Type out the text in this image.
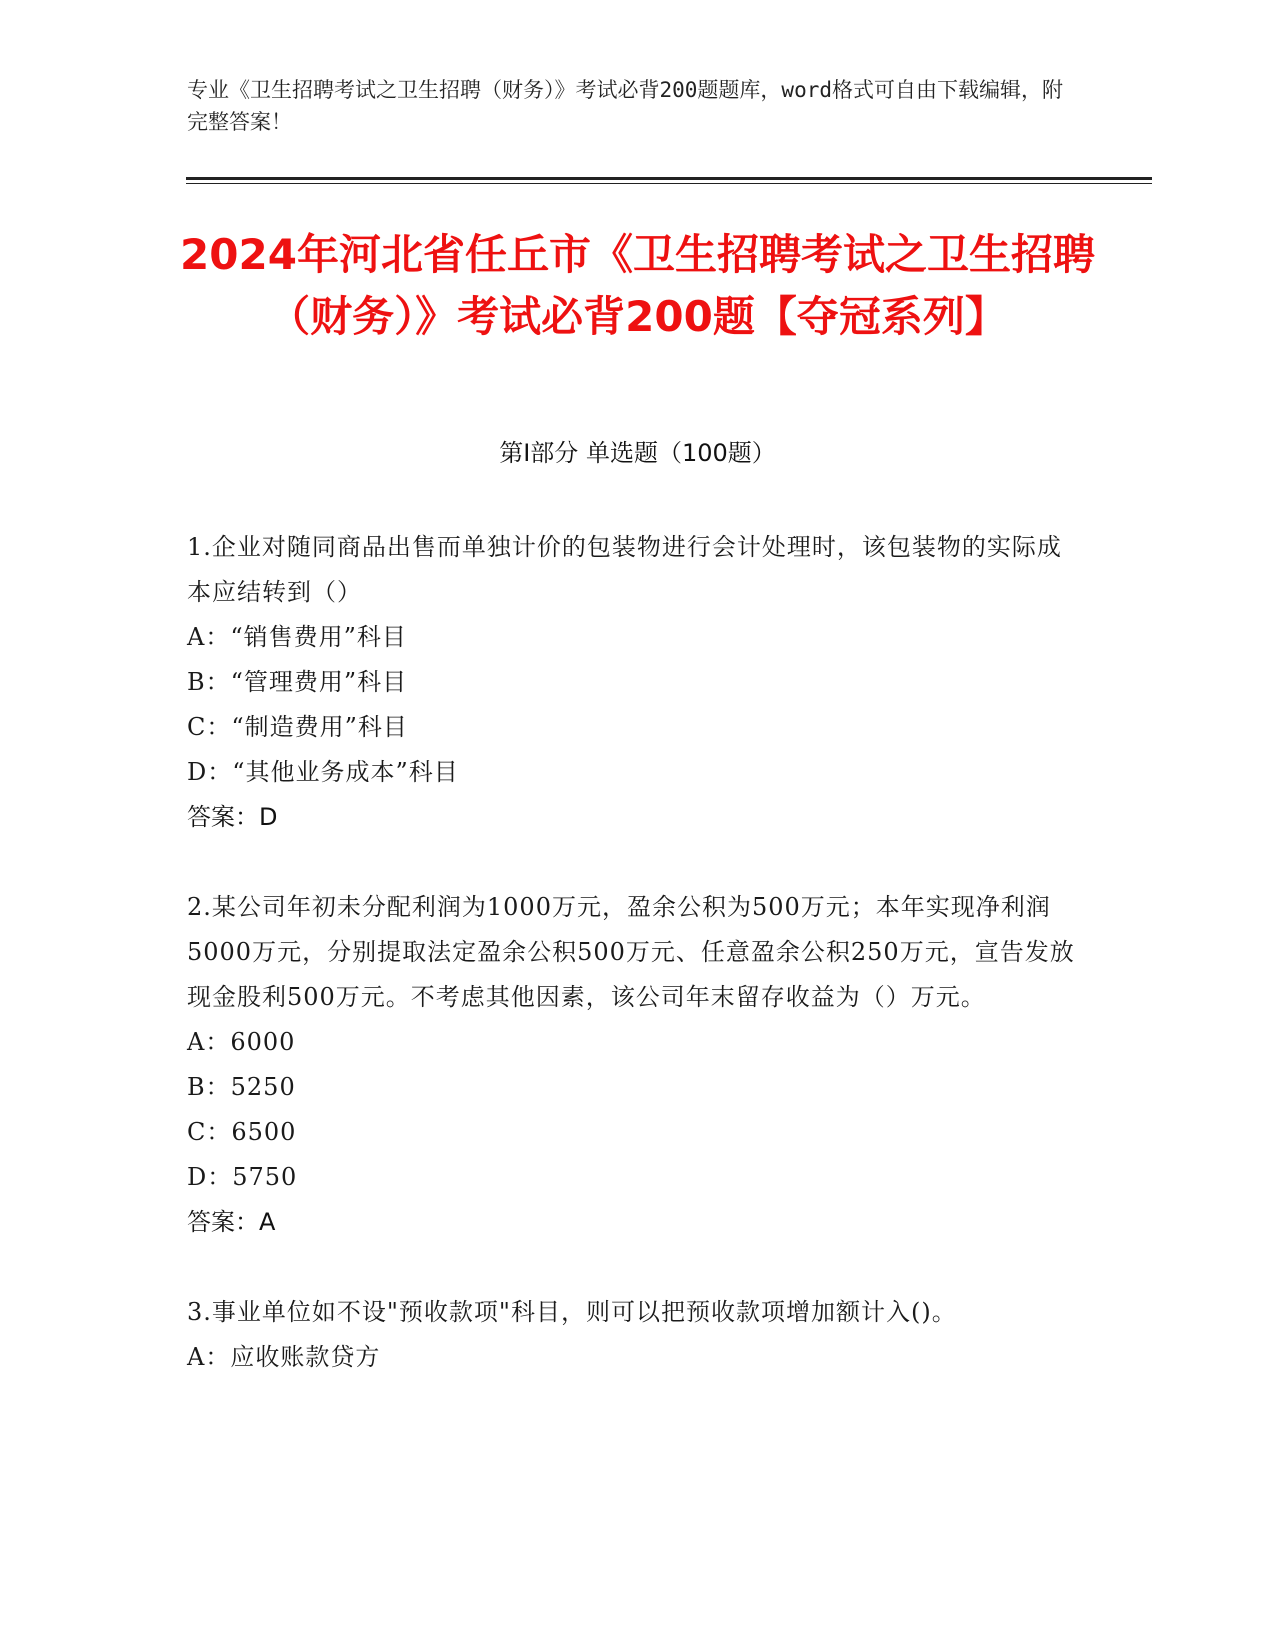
专业《卫生招聘考试之卫生招聘（财务）》考试必背200题题库，word格式可自由下载编辑，附完整答案！
2024年河北省任丘市《卫生招聘考试之卫生招聘（财务）》考试必背200题【夺冠系列】
第I部分 单选题（100题）
1.企业对随同商品出售而单独计价的包装物进行会计处理时，该包装物的实际成本应结转到（）
A：“销售费用”科目
B：“管理费用”科目
C：“制造费用”科目
D：“其他业务成本”科目
答案：D
2.某公司年初未分配利润为1000万元，盈余公积为500万元；本年实现净利润5000万元，分别提取法定盈余公积500万元、任意盈余公积250万元，宣告发放现金股利500万元。不考虑其他因素，该公司年末留存收益为（）万元。
A：6000
B：5250
C：6500
D：5750
答案：A
3.事业单位如不设"预收款项"科目，则可以把预收款项增加额计入()。
A：应收账款贷方
